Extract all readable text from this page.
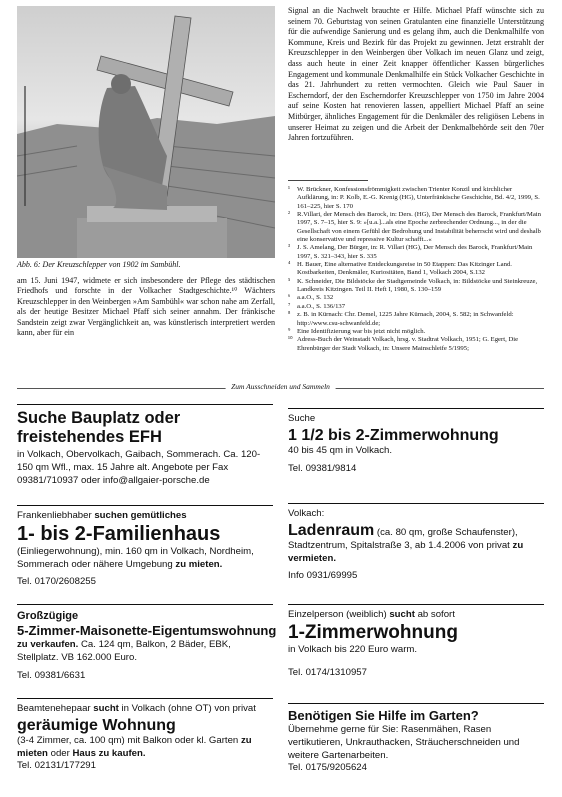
Abb. 6: Der Kreuzschlepper von 1902 im Sambühl.

am 15. Juni 1947, widmete er sich insbesondere der Pflege des städtischen Friedhofs und forschte in der Volkacher Stadtgeschichte.¹⁰ Wächters Kreuzschlepper in den Weinbergen »Am Sambühl« war schon nahe am Zerfall, als der heutige Besitzer Michael Pfaff sich seiner annahm. Der fränkische Sandstein zeigt zwar Vergänglichkeit an, was künstlerisch interpretiert werden kann, aber für ein

Signal an die Nachwelt brauchte er Hilfe. Michael Pfaff wünschte sich zu seinem 70. Geburtstag von seinen Gratulanten eine finanzielle Unterstützung für die aufwendige Sanierung und es gelang ihm, auch die Denkmalhilfe von Kommune, Kreis und Bezirk für das Projekt zu gewinnen. Jetzt erstrahlt der Kreuzschlepper in den Weinbergen über Volkach im neuen Glanz und zeigt, dass auch heute in einer Zeit knapper öffentlicher Kassen bürgerliches Engagement und kommunale Denkmalhilfe ein Stück Volkacher Geschichte in das 21. Jahrhundert zu retten vermochten. Gleich wie Paul Sauer in Escherndorf, der den Escherndorfer Kreuzschlepper von 1750 im Jahre 2004 auf seine Kosten hat renovieren lassen, appelliert Michael Pfaff an seine Mitbürger, ähnliches Engagement für die Denkmäler des religiösen Lebens in unserer Heimat zu zeigen und die Arbeit der Denkmalbehörde seit den 70er Jahren fortzuführen.

¹	W. Brückner, Konfessionsfrömmigkeit zwischen Trienter Konzil und kirchlicher Aufklärung, in: P. Kolb, E.-G. Krenig (HG), Unterfränkische Geschichte, Bd. 4/2, 1999, S. 161–225, hier S. 170
²	R.Villari, der Mensch des Barock, in: Ders. (HG), Der Mensch des Barock, Frankfurt/Main 1997, S. 7–15, hier S. 9: »[u.a.]...als eine Epoche zerbrechender Ordnung..., in der die Gesellschaft von einem Gefühl der Bedrohung und Instabilität beherrscht wird und deshalb eine konservative und repressive Kultur schafft...«
³	J. S. Amelang, Der Bürger, in: R. Villari (HG), Der Mensch des Barock, Frankfurt/Main 1997, S. 321–343, hier S. 335
⁴ H. Bauer, Eine alternative Entdeckungsreise in 50 Etappen: Das Kitzinger Land. Kostbarkeiten, Denkmäler, Kuriositäten, Band 1, Volkach 2004, S.132
⁵ K. Schneider, Die Bildstöcke der Stadtgemeinde Volkach, in: Bildstöcke und Steinkreuze, Landkreis Kitzingen. Teil II. Heft I, 1980, S. 130–159
⁶ a.a.O., S. 132
⁷ a.a.O., S. 136/137
⁸ z. B. in Kürnach: Chr. Demel, 1225 Jahre Kürnach, 2004, S. 582; in Schwanfeld: http://www.csu-schwanfeld.de;
⁹ Eine Identifizierung war bis jetzt nicht möglich.
¹⁰ Adress-Buch der Weinstadt Volkach, hrsg. v. Stadtrat Volkach, 1951; G. Egert, Die Ehrenbürger der Stadt Volkach, in: Unsere Mainschleife 5/1995;
Zum Ausschneiden und Sammeln
Suche Bauplatz oder freistehendes EFH
in Volkach, Obervolkach, Gaibach, Sommerach. Ca. 120-150 qm Wfl., max. 15 Jahre alt. Angebote per Fax 09381/710937 oder info@allgaier-porsche.de
Frankenliebhaber suchen gemütliches
1- bis 2-Familienhaus
(Einliegerwohnung), min. 160 qm in Volkach, Nordheim, Sommerach oder nähere Umgebung zu mieten.
Tel. 0170/2608255
Großzügige
5-Zimmer-Maisonette-Eigentumswohnung
zu verkaufen. Ca. 124 qm, Balkon, 2 Bäder, EBK, Stellplatz. VB 162.000 Euro.
Tel. 09381/6631
Beamtenehepaar sucht in Volkach (ohne OT) von privat
geräumige Wohnung
(3-4 Zimmer, ca. 100 qm) mit Balkon oder kl. Garten zu mieten oder Haus zu kaufen.
Tel. 02131/177291
Suche
1 1/2 bis 2-Zimmerwohnung
40 bis 45 qm in Volkach.
Tel. 09381/9814
Volkach:
Ladenraum (ca. 80 qm, große Schaufenster), Stadtzentrum, Spitalstraße 3, ab 1.4.2006 von privat zu vermieten.
Info 0931/69995
Einzelperson (weiblich) sucht ab sofort
1-Zimmerwohnung
in Volkach bis 220 Euro warm.
Tel. 0174/1310957
Benötigen Sie Hilfe im Garten?
Übernehme gerne für Sie: Rasenmähen, Rasen vertikutieren, Unkrauthacken, Sträucherschneiden und weitere Gartenarbeiten.
Tel. 0175/9205624
